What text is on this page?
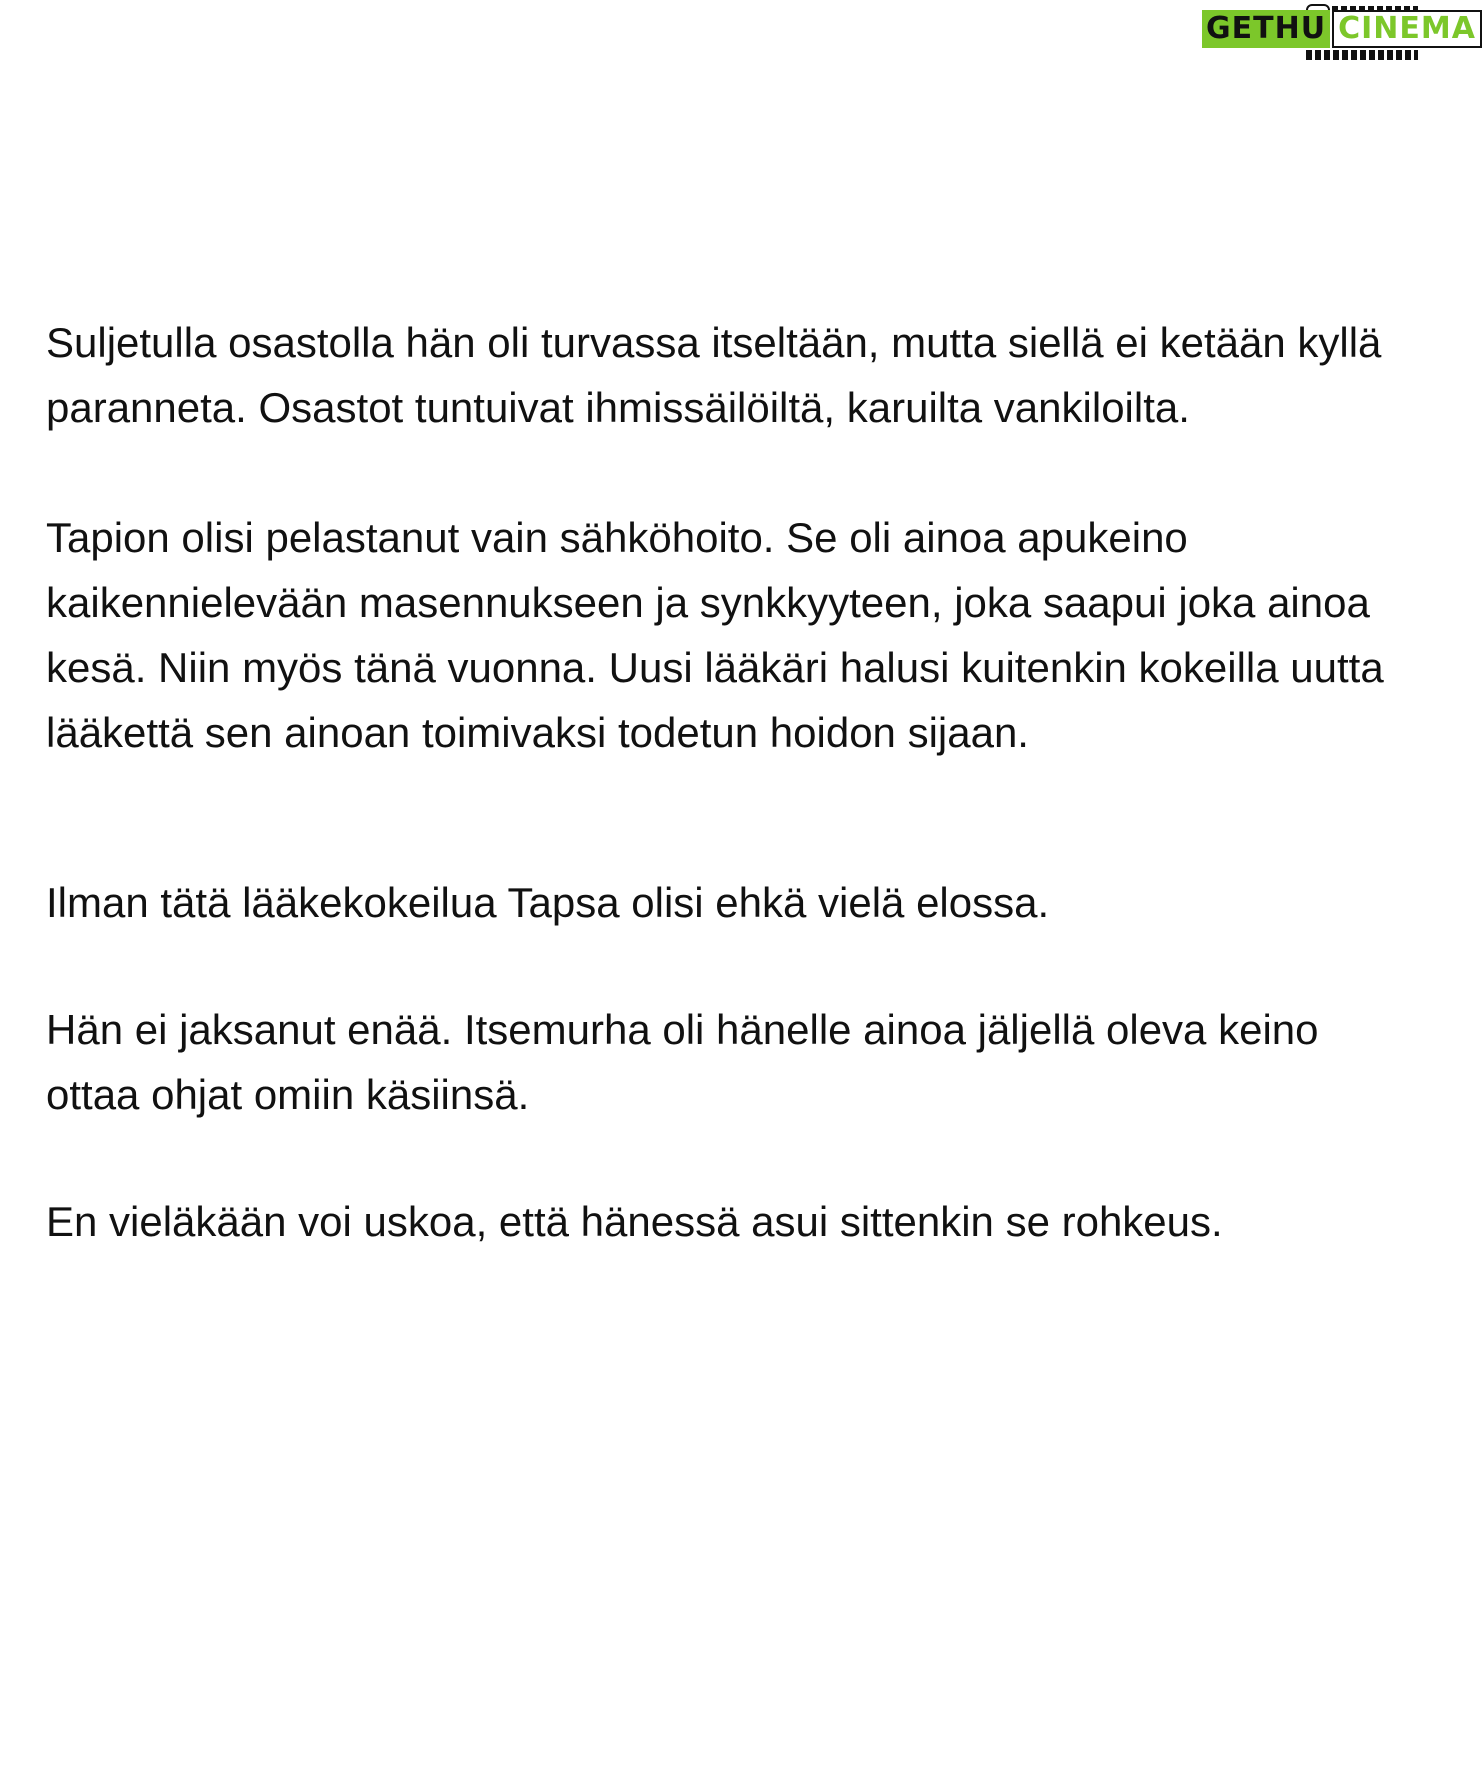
GETHU CINEMA

Suljetulla osastolla hän oli turvassa itseltään, mutta siellä ei ketään kyllä paranneta. Osastot tuntuivat ihmissäilöiltä, karuilta vankiloilta.

Tapion olisi pelastanut vain sähköhoito. Se oli ainoa apukeino kaikennielevään masennukseen ja synkkyyteen, joka saapui joka ainoa kesä. Niin myös tänä vuonna. Uusi lääkäri halusi kuitenkin kokeilla uutta lääkettä sen ainoan toimivaksi todetun hoidon sijaan.

Ilman tätä lääkekokeilua Tapsa olisi ehkä vielä elossa.

Hän ei jaksanut enää. Itsemurha oli hänelle ainoa jäljellä oleva keino ottaa ohjat omiin käsiinsä.

En vieläkään voi uskoa, että hänessä asui sittenkin se rohkeus.
